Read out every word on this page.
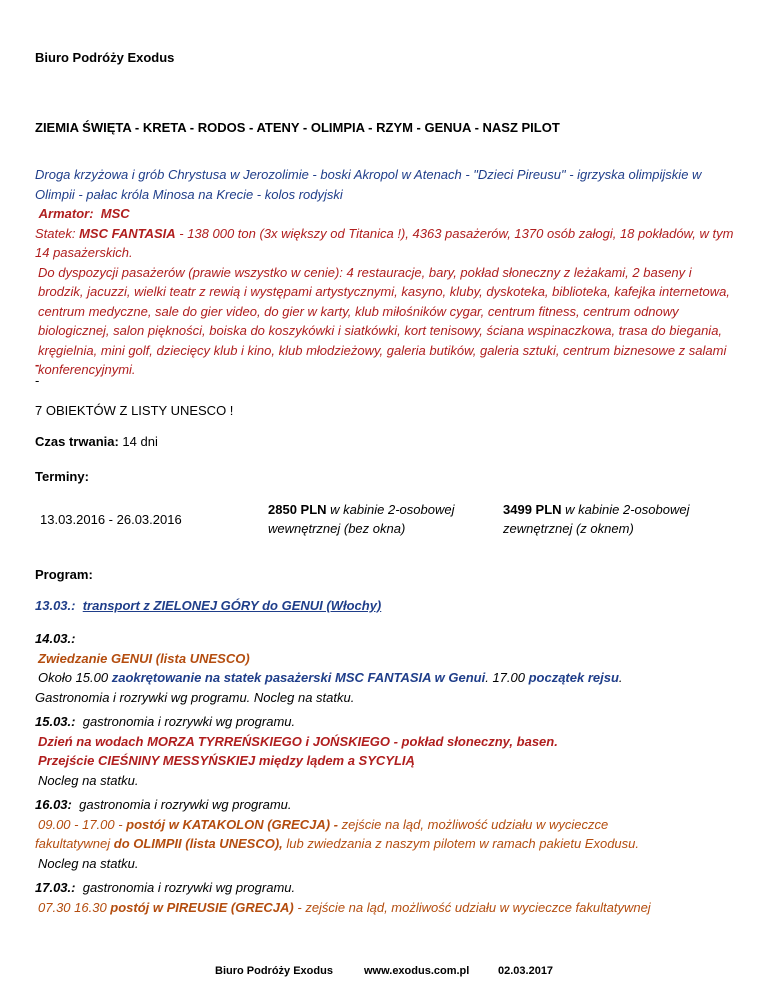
Biuro Podróży Exodus
ZIEMIA ŚWIĘTA - KRETA - RODOS - ATENY - OLIMPIA - RZYM - GENUA - NASZ PILOT
Droga krzyżowa i grób Chrystusa w Jerozolimie - boski Akropol w Atenach - "Dzieci Pireusu" - igrzyska olimpijskie w Olimpii - pałac króla Minosa na Krecie - kolos rodyjski
Armator: MSC
Statek: MSC FANTASIA - 138 000 ton (3x większy od Titanica !), 4363 pasażerów, 1370 osób załogi, 18 pokładów, w tym 14 pasażerskich.
Do dyspozycji pasażerów (prawie wszystko w cenie): 4 restauracje, bary, pokład słoneczny z leżakami, 2 baseny i brodzik, jacuzzi, wielki teatr z rewią i występami artystycznymi, kasyno, kluby, dyskoteka, biblioteka, kafejka internetowa, centrum medyczne, sale do gier video, do gier w karty, klub miłośników cygar, centrum fitness, centrum odnowy biologicznej, salon piękności, boiska do koszykówki i siatkówki, kort tenisowy, ściana wspinaczkowa, trasa do biegania, kręgielnia, mini golf, dziecięcy klub i kino, klub młodzieżowy, galeria butików, galeria sztuki, centrum biznesowe z salami konferencyjnymi.
-
-
7 OBIEKTÓW Z LISTY UNESCO !
Czas trwania: 14 dni
Terminy:
13.03.2016 - 26.03.2016
2850 PLN w kabinie 2-osobowej
wewnętrznej (bez okna)
3499 PLN w kabinie 2-osobowej
zewnętrznej (z oknem)
Program:
13.03.: transport z ZIELONEJ GÓRY do GENUI (Włochy)
14.03.:
Zwiedzanie GENUI (lista UNESCO)
Około 15.00 zaokrętowanie na statek pasażerski MSC FANTASIA w Genui. 17.00 początek rejsu.
Gastronomia i rozrywki wg programu. Nocleg na statku.
15.03.: gastronomia i rozrywki wg programu.
Dzień na wodach MORZA TYRREŃSKIEGO i JOŃSKIEGO - pokład słoneczny, basen.
Przejście CIEŚNINY MESSYŃSKIEJ między lądem a SYCYLIĄ
Nocleg na statku.
16.03: gastronomia i rozrywki wg programu.
09.00 - 17.00 - postój w KATAKOLON (GRECJA) - zejście na ląd, możliwość udziału w wycieczce
fakultatywnej do OLIMPII (lista UNESCO), lub zwiedzania z naszym pilotem w ramach pakietu Exodusu.
Nocleg na statku.
17.03.: gastronomia i rozrywki wg programu.
07.30 16.30 postój w PIREUSIE (GRECJA) - zejście na ląd, możliwość udziału w wycieczce fakultatywnej
Biuro Podróży Exodus	www.exodus.com.pl	02.03.2017
